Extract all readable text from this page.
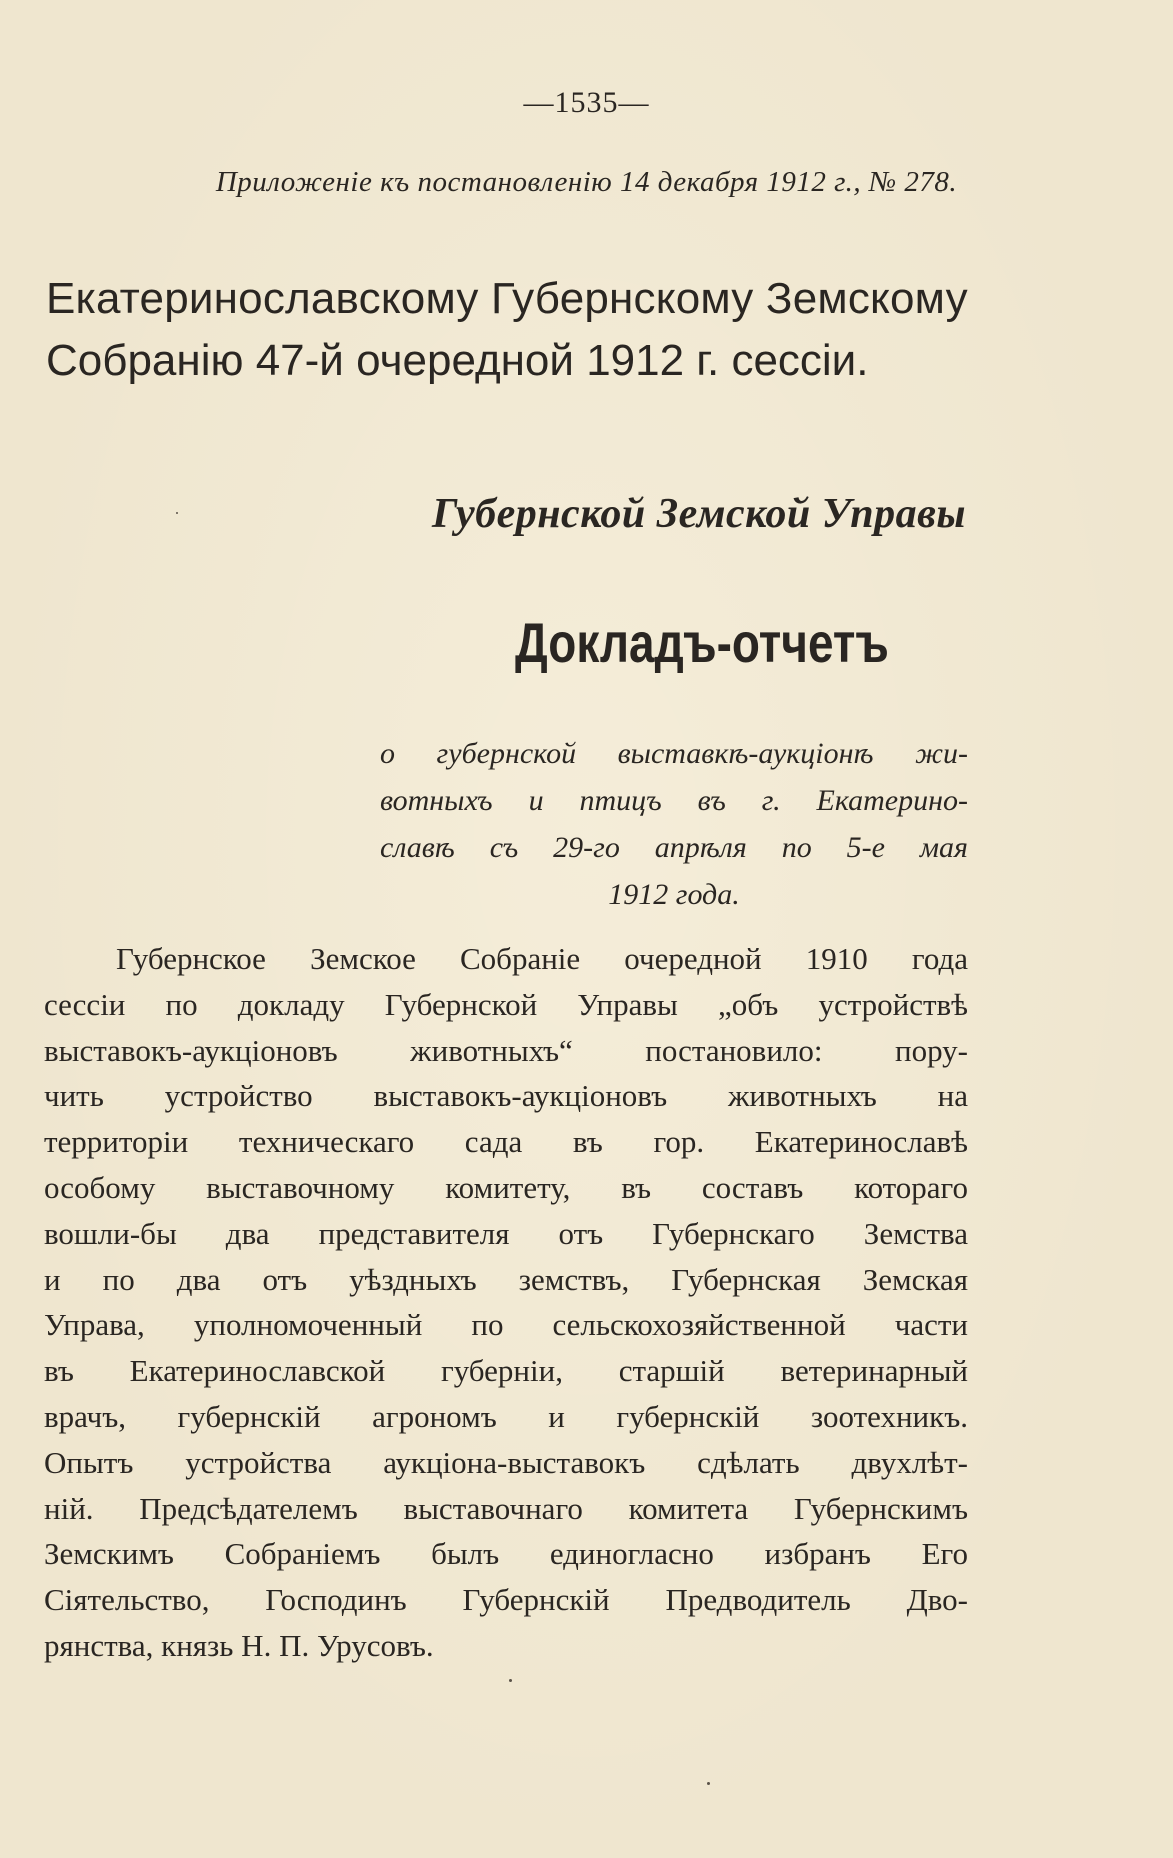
—1535—
Приложеніе къ постановленію 14 декабря 1912 г., № 278.
Екатеринославскому Губернскому Земскому
Собранію 47-й очередной 1912 г. сессіи.
Губернской Земской Управы
Докладъ-отчетъ
о губернской выставкѣ-аукціонѣ жи-
вотныхъ и птицъ въ г. Екатерино-
славѣ съ 29-го апрѣля по 5-е мая
1912 года.
Губернское Земское Собраніе очередной 1910 года
сессіи по докладу Губернской Управы „объ устройствѣ
выставокъ-аукціоновъ животныхъ“ постановило: пору-
чить устройство выставокъ-аукціоновъ животныхъ на
территоріи техническаго сада въ гор. Екатеринославѣ
особому выставочному комитету, въ составъ котораго
вошли-бы два представителя отъ Губернскаго Земства
и по два отъ уѣздныхъ земствъ, Губернская Земская
Управа, уполномоченный по сельскохозяйственной части
въ Екатеринославской губерніи, старшій ветеринарный
врачъ, губернскій агрономъ и губернскій зоотехникъ.
Опытъ устройства аукціона-выставокъ сдѣлать двухлѣт-
ній. Предсѣдателемъ выставочнаго комитета Губернскимъ
Земскимъ Собраніемъ былъ единогласно избранъ Его
Сіятельство, Господинъ Губернскій Предводитель Дво-
рянства, князь Н. П. Урусовъ.
